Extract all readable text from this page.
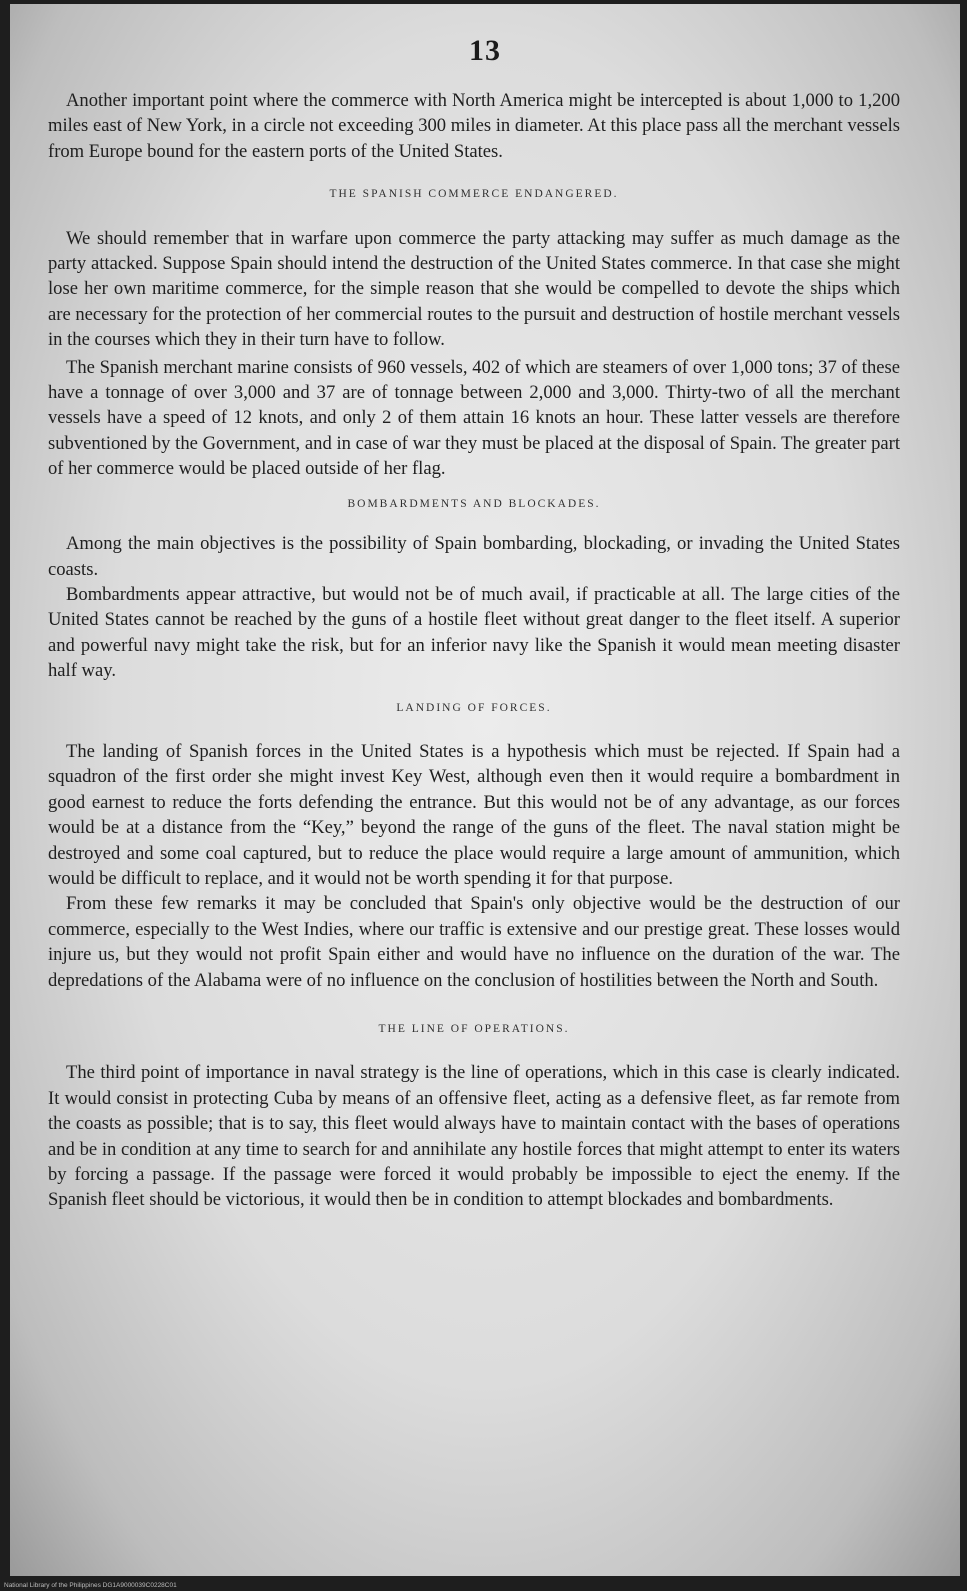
13

Another important point where the commerce with North America might be intercepted is about 1,000 to 1,200 miles east of New York, in a circle not exceeding 300 miles in diameter. At this place pass all the merchant vessels from Europe bound for the eastern ports of the United States.

THE SPANISH COMMERCE ENDANGERED.

We should remember that in warfare upon commerce the party attacking may suffer as much damage as the party attacked. Suppose Spain should intend the destruction of the United States commerce. In that case she might lose her own maritime commerce, for the simple reason that she would be compelled to devote the ships which are necessary for the protection of her commercial routes to the pursuit and destruction of hostile merchant vessels in the courses which they in their turn have to follow.

The Spanish merchant marine consists of 960 vessels, 402 of which are steamers of over 1,000 tons; 37 of these have a tonnage of over 3,000 and 37 are of tonnage between 2,000 and 3,000. Thirty-two of all the merchant vessels have a speed of 12 knots, and only 2 of them attain 16 knots an hour. These latter vessels are therefore subventioned by the Government, and in case of war they must be placed at the disposal of Spain. The greater part of her commerce would be placed outside of her flag.

BOMBARDMENTS AND BLOCKADES.

Among the main objectives is the possibility of Spain bombarding, blockading, or invading the United States coasts.

Bombardments appear attractive, but would not be of much avail, if practicable at all. The large cities of the United States cannot be reached by the guns of a hostile fleet without great danger to the fleet itself. A superior and powerful navy might take the risk, but for an inferior navy like the Spanish it would mean meeting disaster half way.

LANDING OF FORCES.

The landing of Spanish forces in the United States is a hypothesis which must be rejected. If Spain had a squadron of the first order she might invest Key West, although even then it would require a bombardment in good earnest to reduce the forts defending the entrance. But this would not be of any advantage, as our forces would be at a distance from the “Key,” beyond the range of the guns of the fleet. The naval station might be destroyed and some coal captured, but to reduce the place would require a large amount of ammunition, which would be difficult to replace, and it would not be worth spending it for that purpose.

From these few remarks it may be concluded that Spain's only objective would be the destruction of our commerce, especially to the West Indies, where our traffic is extensive and our prestige great. These losses would injure us, but they would not profit Spain either and would have no influence on the duration of the war. The depredations of the Alabama were of no influence on the conclusion of hostilities between the North and South.

THE LINE OF OPERATIONS.

The third point of importance in naval strategy is the line of operations, which in this case is clearly indicated. It would consist in protecting Cuba by means of an offensive fleet, acting as a defensive fleet, as far remote from the coasts as possible; that is to say, this fleet would always have to maintain contact with the bases of operations and be in condition at any time to search for and annihilate any hostile forces that might attempt to enter its waters by forcing a passage. If the passage were forced it would probably be impossible to eject the enemy. If the Spanish fleet should be victorious, it would then be in condition to attempt blockades and bombardments.

National Library of the Philippines DG1A9000039C0228C01
